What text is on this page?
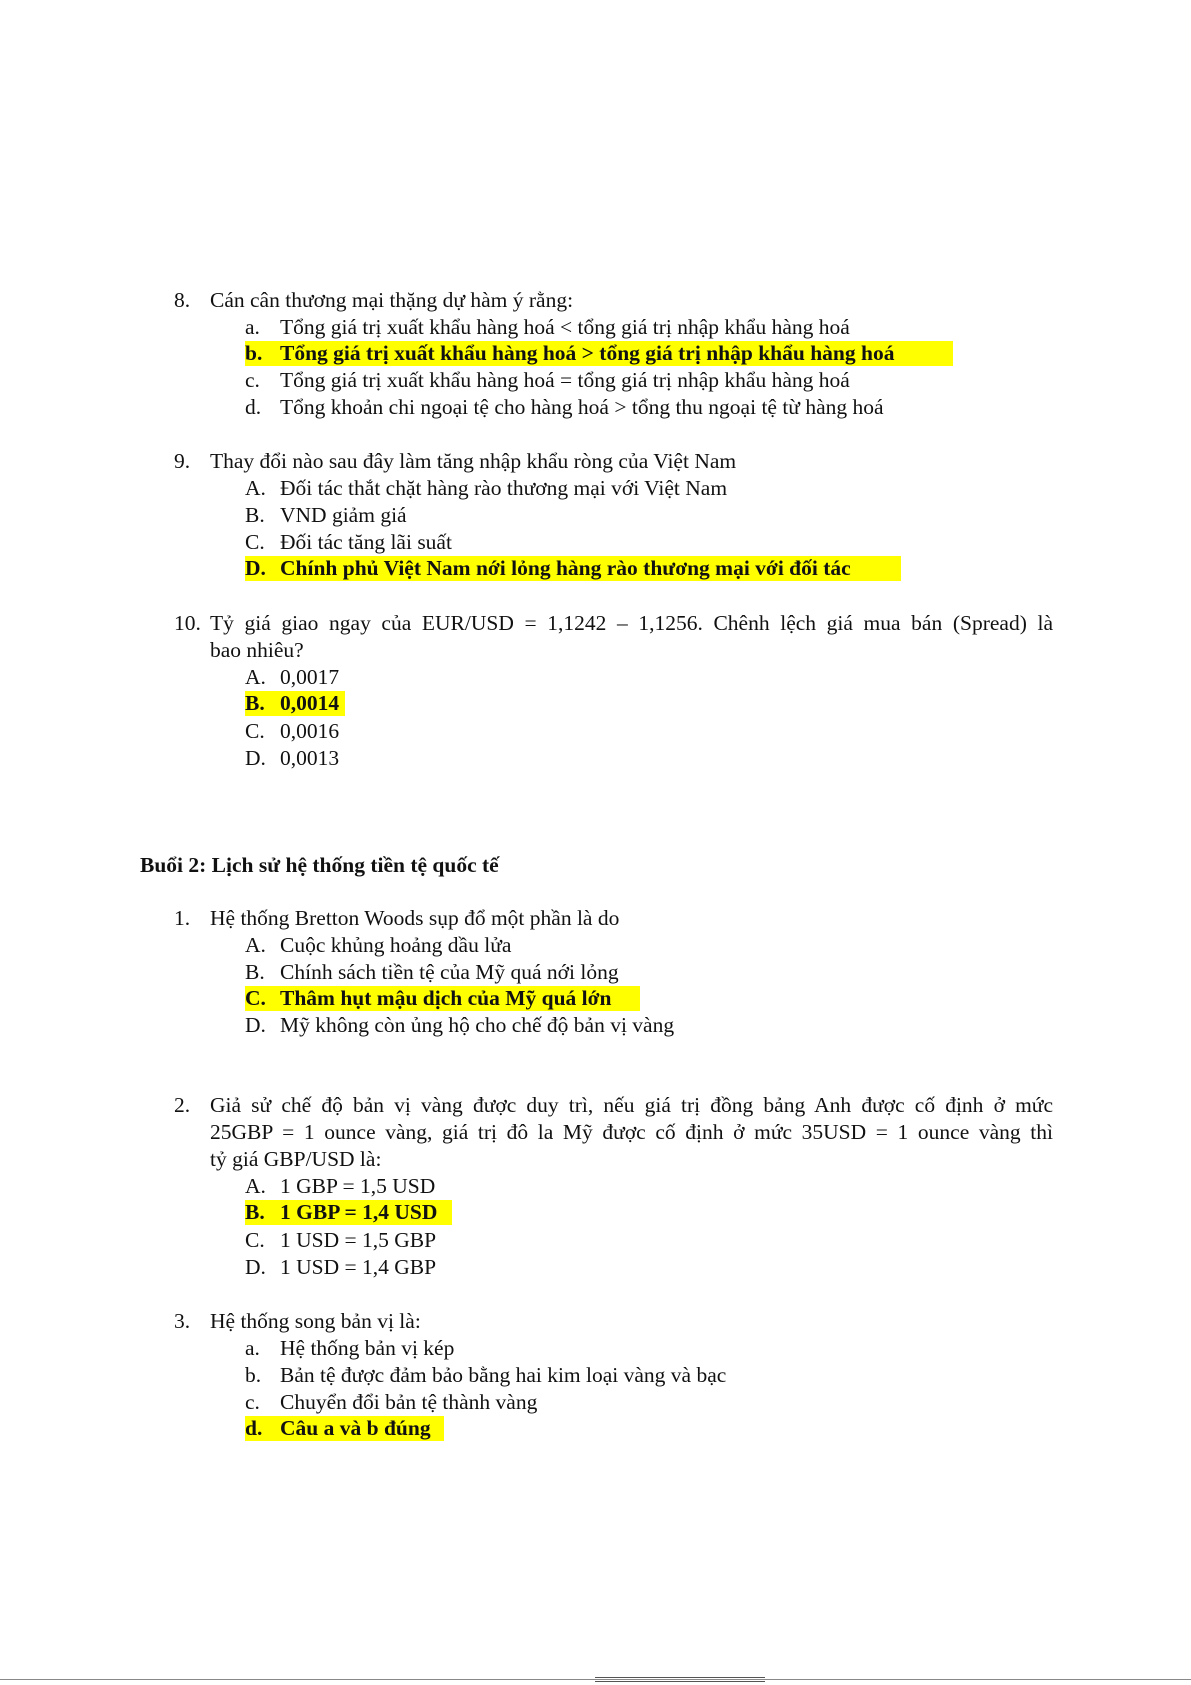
8. Cán cân thương mại thặng dự hàm ý rằng:
a. Tổng giá trị xuất khẩu hàng hoá < tổng giá trị nhập khẩu hàng hoá
b. Tổng giá trị xuất khẩu hàng hoá > tổng giá trị nhập khẩu hàng hoá
c. Tổng giá trị xuất khẩu hàng hoá = tổng giá trị nhập khẩu hàng hoá
d. Tổng khoản chi ngoại tệ cho hàng hoá > tổng thu ngoại tệ từ hàng hoá
9. Thay đổi nào sau đây làm tăng nhập khẩu ròng của Việt Nam
A. Đối tác thắt chặt hàng rào thương mại với Việt Nam
B. VND giảm giá
C. Đối tác tăng lãi suất
D. Chính phủ Việt Nam nới lỏng hàng rào thương mại với đối tác
10. Tỷ giá giao ngay của EUR/USD = 1,1242 – 1,1256. Chênh lệch giá mua bán (Spread) là
bao nhiêu?
A. 0,0017
B. 0,0014
C. 0,0016
D. 0,0013
Buổi 2: Lịch sử hệ thống tiền tệ quốc tế
1. Hệ thống Bretton Woods sụp đổ một phần là do
A. Cuộc khủng hoảng dầu lửa
B. Chính sách tiền tệ của Mỹ quá nới lỏng
C. Thâm hụt mậu dịch của Mỹ quá lớn
D. Mỹ không còn ủng hộ cho chế độ bản vị vàng
2. Giả sử chế độ bản vị vàng được duy trì, nếu giá trị đồng bảng Anh được cố định ở mức
25GBP = 1 ounce vàng, giá trị đô la Mỹ được cố định ở mức 35USD = 1 ounce vàng thì
tỷ giá GBP/USD là:
A. 1 GBP = 1,5 USD
B. 1 GBP = 1,4 USD
C. 1 USD = 1,5 GBP
D. 1 USD = 1,4 GBP
3. Hệ thống song bản vị là:
a. Hệ thống bản vị kép
b. Bản tệ được đảm bảo bằng hai kim loại vàng và bạc
c. Chuyển đổi bản tệ thành vàng
d. Câu a và b đúng
